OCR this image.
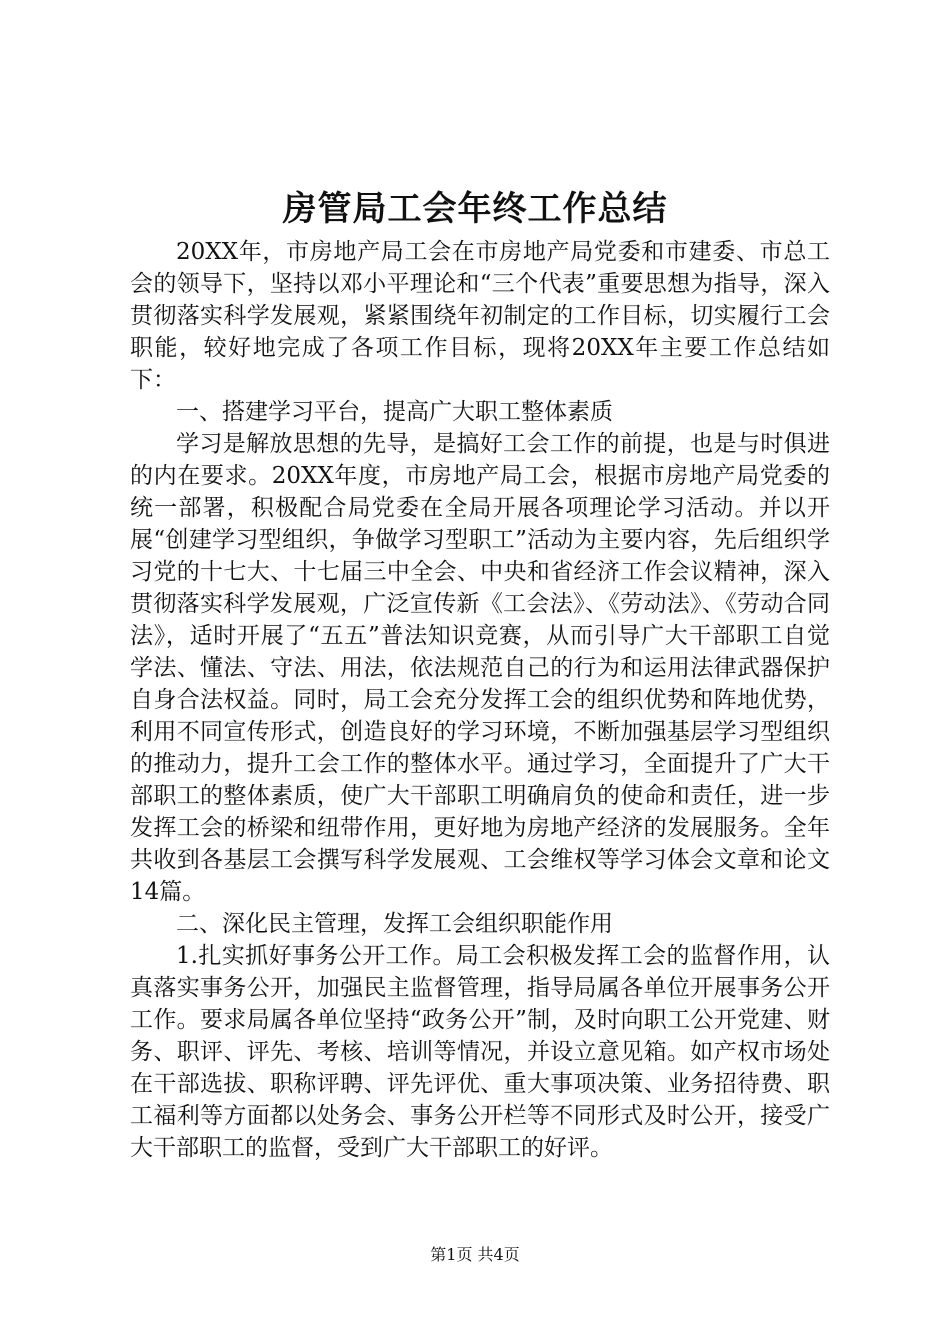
房管局工会年终工作总结

20XX年，市房地产局工会在市房地产局党委和市建委、市总工会的领导下，坚持以邓小平理论和“三个代表”重要思想为指导，深入贯彻落实科学发展观，紧紧围绕年初制定的工作目标，切实履行工会职能，较好地完成了各项工作目标，现将20XX年主要工作总结如下：

一、搭建学习平台，提高广大职工整体素质

学习是解放思想的先导，是搞好工会工作的前提，也是与时俱进的内在要求。20XX年度，市房地产局工会，根据市房地产局党委的统一部署，积极配合局党委在全局开展各项理论学习活动。并以开展“创建学习型组织，争做学习型职工”活动为主要内容，先后组织学习党的十七大、十七届三中全会、中央和省经济工作会议精神，深入贯彻落实科学发展观，广泛宣传新《工会法》、《劳动法》、《劳动合同法》，适时开展了“五五”普法知识竞赛，从而引导广大干部职工自觉学法、懂法、守法、用法，依法规范自己的行为和运用法律武器保护自身合法权益。同时，局工会充分发挥工会的组织优势和阵地优势，利用不同宣传形式，创造良好的学习环境，不断加强基层学习型组织的推动力，提升工会工作的整体水平。通过学习，全面提升了广大干部职工的整体素质，使广大干部职工明确肩负的使命和责任，进一步发挥工会的桥梁和纽带作用，更好地为房地产经济的发展服务。全年共收到各基层工会撰写科学发展观、工会维权等学习体会文章和论文14篇。

二、深化民主管理，发挥工会组织职能作用

1.扎实抓好事务公开工作。局工会积极发挥工会的监督作用，认真落实事务公开，加强民主监督管理，指导局属各单位开展事务公开工作。要求局属各单位坚持“政务公开”制，及时向职工公开党建、财务、职评、评先、考核、培训等情况，并设立意见箱。如产权市场处在干部选拔、职称评聘、评先评优、重大事项决策、业务招待费、职工福利等方面都以处务会、事务公开栏等不同形式及时公开，接受广大干部职工的监督，受到广大干部职工的好评。

第1页 共4页
